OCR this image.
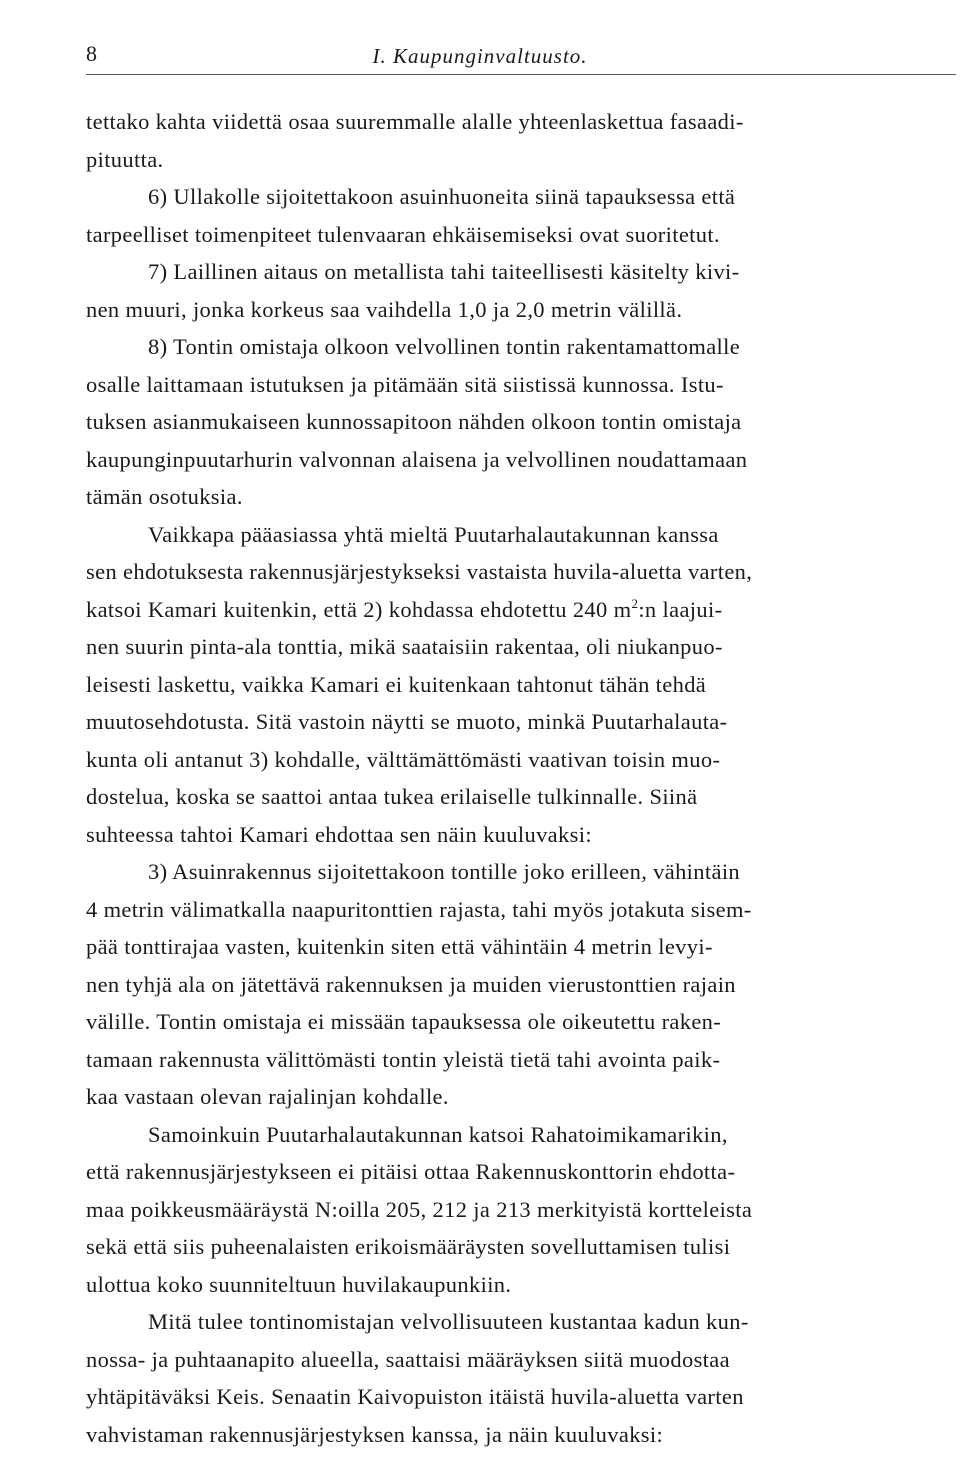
8	I. Kaupunginvaltuusto.
tettako kahta viidettä osaa suuremmalle alalle yhteenlaskettua fasaadi-
pituutta.
6) Ullakolle sijoitettakoon asuinhuoneita siinä tapauksessa että
tarpeelliset toimenpiteet tulenvaaran ehkäisemiseksi ovat suoritetut.
7) Laillinen aitaus on metallista tahi taiteellisesti käsitelty kivi-
nen muuri, jonka korkeus saa vaihdella 1,0 ja 2,0 metrin välillä.
8) Tontin omistaja olkoon velvollinen tontin rakentamattomalle
osalle laittamaan istutuksen ja pitämään sitä siistissä kunnossa. Istu-
tuksen asianmukaiseen kunnossapitoon nähden olkoon tontin omistaja
kaupunginpuutarhurin valvonnan alaisena ja velvollinen noudattamaan
tämän osotuksia.
Vaikkapa pääasiassa yhtä mieltä Puutarhalautakunnan kanssa
sen ehdotuksesta rakennusjärjestykseksi vastaista huvila-aluetta varten,
katsoi Kamari kuitenkin, että 2) kohdassa ehdotettu 240 $m^2:n$ laajui-
nen suurin pinta-ala tonttia, mikä saataisiin rakentaa, oli niukanpuo-
leisesti laskettu, vaikka Kamari ei kuitenkaan tahtonut tähän tehdä
muutosehdotusta. Sitä vastoin näytti se muoto, minkä Puutarhalauta-
kunta oli antanut 3) kohdalle, välttämättömästi vaativan toisin muo-
dostelua, koska se saattoi antaa tukea erilaiselle tulkinnalle. Siinä
suhteessa tahtoi Kamari ehdottaa sen näin kuuluvaksi:
3) Asuinrakennus sijoitettakoon tontille joko erilleen, vähintäin
4 metrin välimatkalla naapuritonttien rajasta, tahi myös jotakuta sisem-
pää tonttirajaa vasten, kuitenkin siten että vähintäin 4 metrin levyi-
nen tyhjä ala on jätettävä rakennuksen ja muiden vierustonttien rajain
välille. Tontin omistaja ei missään tapauksessa ole oikeutettu raken-
tamaan rakennusta välittömästi tontin yleistä tietä tahi avointa paik-
kaa vastaan olevan rajalinjan kohdalle.
Samoinkuin Puutarhalautakunnan katsoi Rahatoimikamarikin,
että rakennusjärjestykseen ei pitäisi ottaa Rakennuskonttorin ehdotta-
maa poikkeusmääräystä N:oilla 205, 212 ja 213 merkityistä kortteleista
sekä että siis puheenalaisten erikoismääräysten sovelluttamisen tulisi
ulottua koko suunniteltuun huvilakaupunkiin.
Mitä tulee tontinomistajan velvollisuuteen kustantaa kadun kun-
nossa- ja puhtaanapito alueella, saattaisi määräyksen siitä muodostaa
yhtäpitäväksi Keis. Senaatin Kaivopuiston itäistä huvila-aluetta varten
vahvistaman rakennusjärjestyksen kanssa, ja näin kuuluvaksi:
